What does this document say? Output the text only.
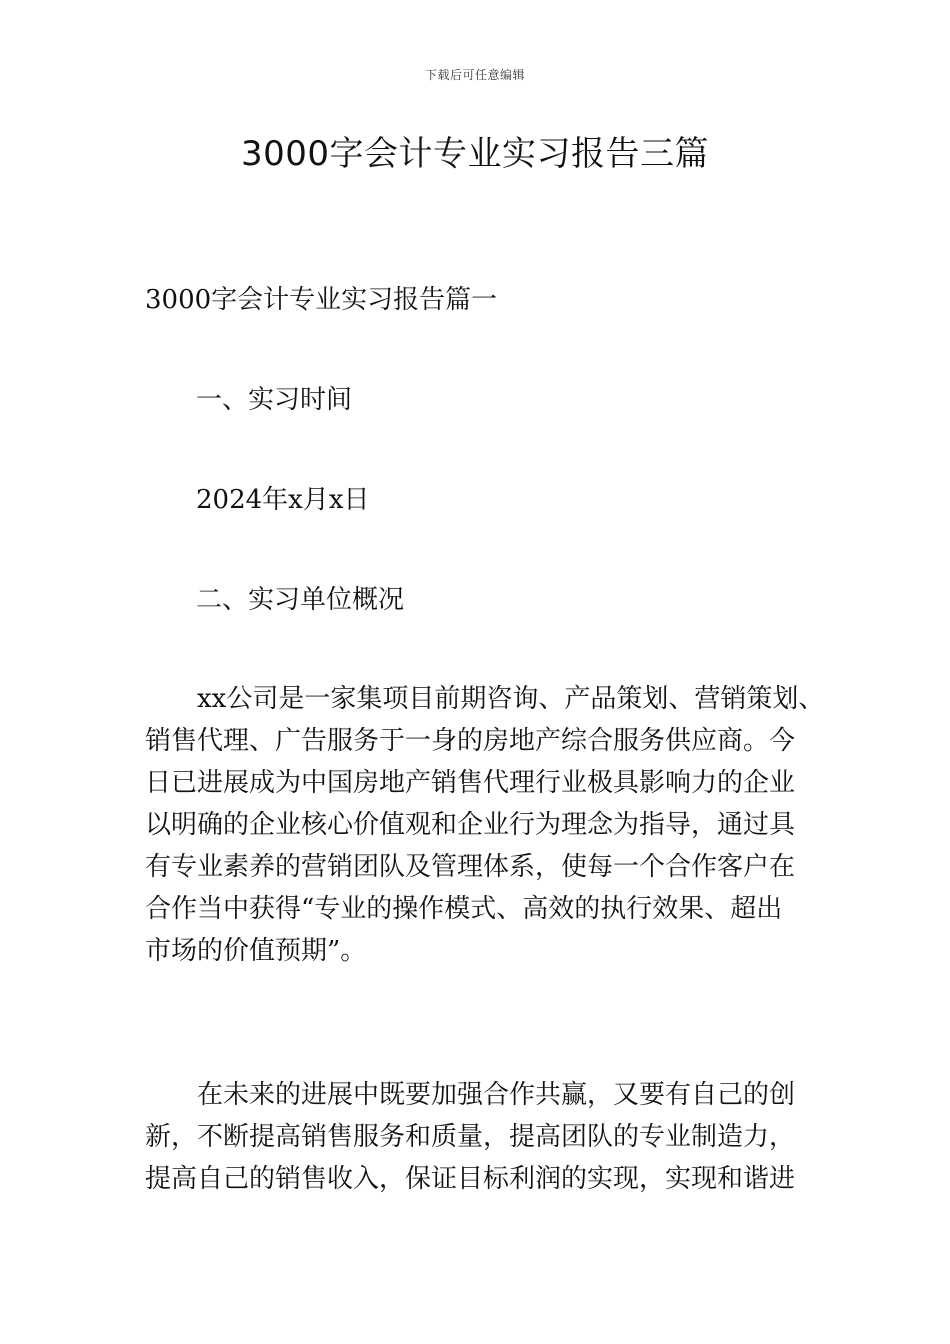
下载后可任意编辑
3000字会计专业实习报告三篇

3000字会计专业实习报告篇一

一、实习时间

2024年x月x日

二、实习单位概况

xx公司是一家集项目前期咨询、产品策划、营销策划、
销售代理、广告服务于一身的房地产综合服务供应商。今
日已进展成为中国房地产销售代理行业极具影响力的企业
以明确的企业核心价值观和企业行为理念为指导，通过具
有专业素养的营销团队及管理体系，使每一个合作客户在
合作当中获得“专业的操作模式、高效的执行效果、超出
市场的价值预期”。
在未来的进展中既要加强合作共赢，又要有自己的创
新，不断提高销售服务和质量，提高团队的专业制造力，
提高自己的销售收入，保证目标利润的实现，实现和谐进
